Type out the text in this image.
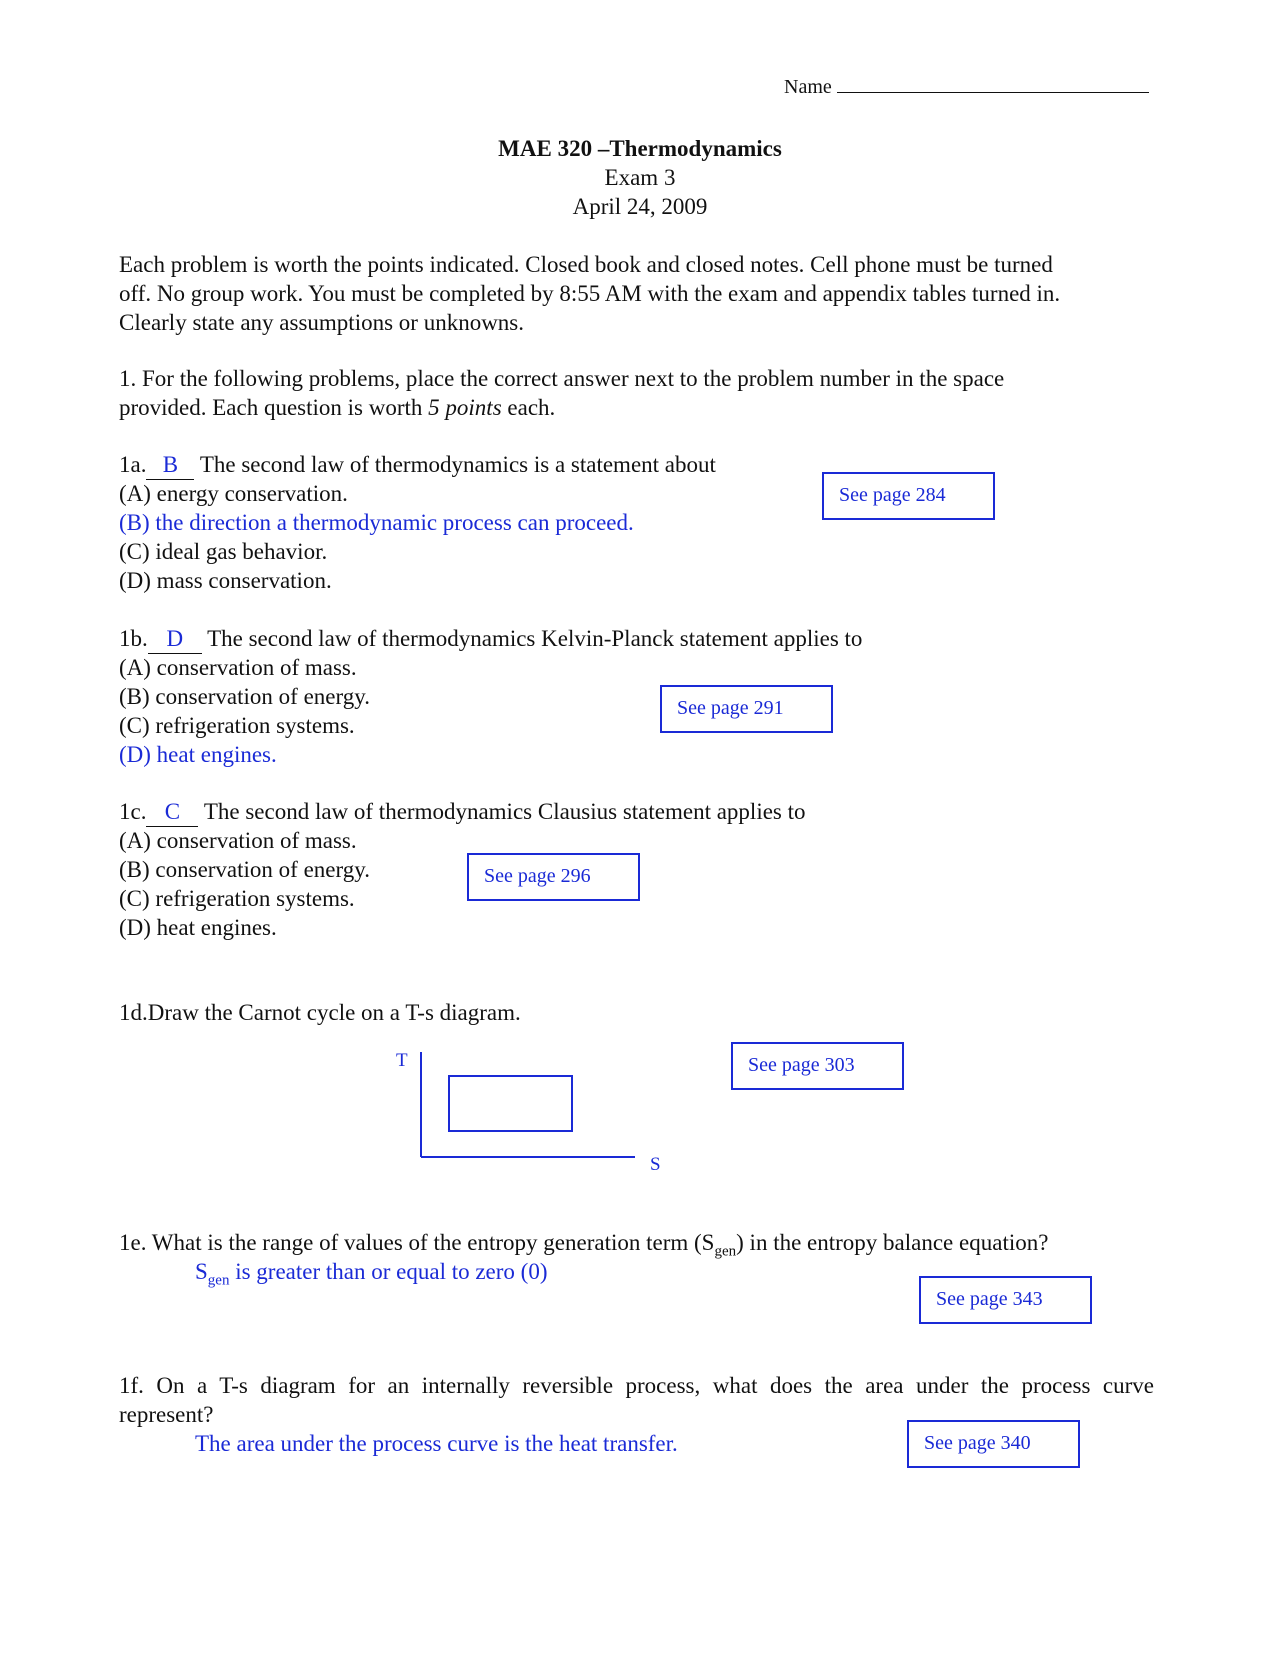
Name
MAE 320 –Thermodynamics
Exam 3
April 24, 2009
Each problem is worth the points indicated. Closed book and closed notes. Cell phone must be turned
off. No group work. You must be completed by 8:55 AM with the exam and appendix tables turned in.
Clearly state any assumptions or unknowns.
1. For the following problems, place the correct answer next to the problem number in the space
provided. Each question is worth 5 points each.
1a. B The second law of thermodynamics is a statement about
(A) energy conservation.
(B) the direction a thermodynamic process can proceed.
(C) ideal gas behavior.
(D) mass conservation.
See page 284
1b. D The second law of thermodynamics Kelvin-Planck statement applies to
(A) conservation of mass.
(B) conservation of energy.
(C) refrigeration systems.
(D) heat engines.
See page 291
1c. C The second law of thermodynamics Clausius statement applies to
(A) conservation of mass.
(B) conservation of energy.
(C) refrigeration systems.
(D) heat engines.
See page 296
1d.Draw the Carnot cycle on a T-s diagram.
See page 303
T
S
1e. What is the range of values of the entropy generation term $(S_{gen})$ in the entropy balance equation?
$S_{gen}$ is greater than or equal to zero (0)
See page 343
1f. On a T-s diagram for an internally reversible process, what does the area under the process curve
represent?
The area under the process curve is the heat transfer.	See page 340
